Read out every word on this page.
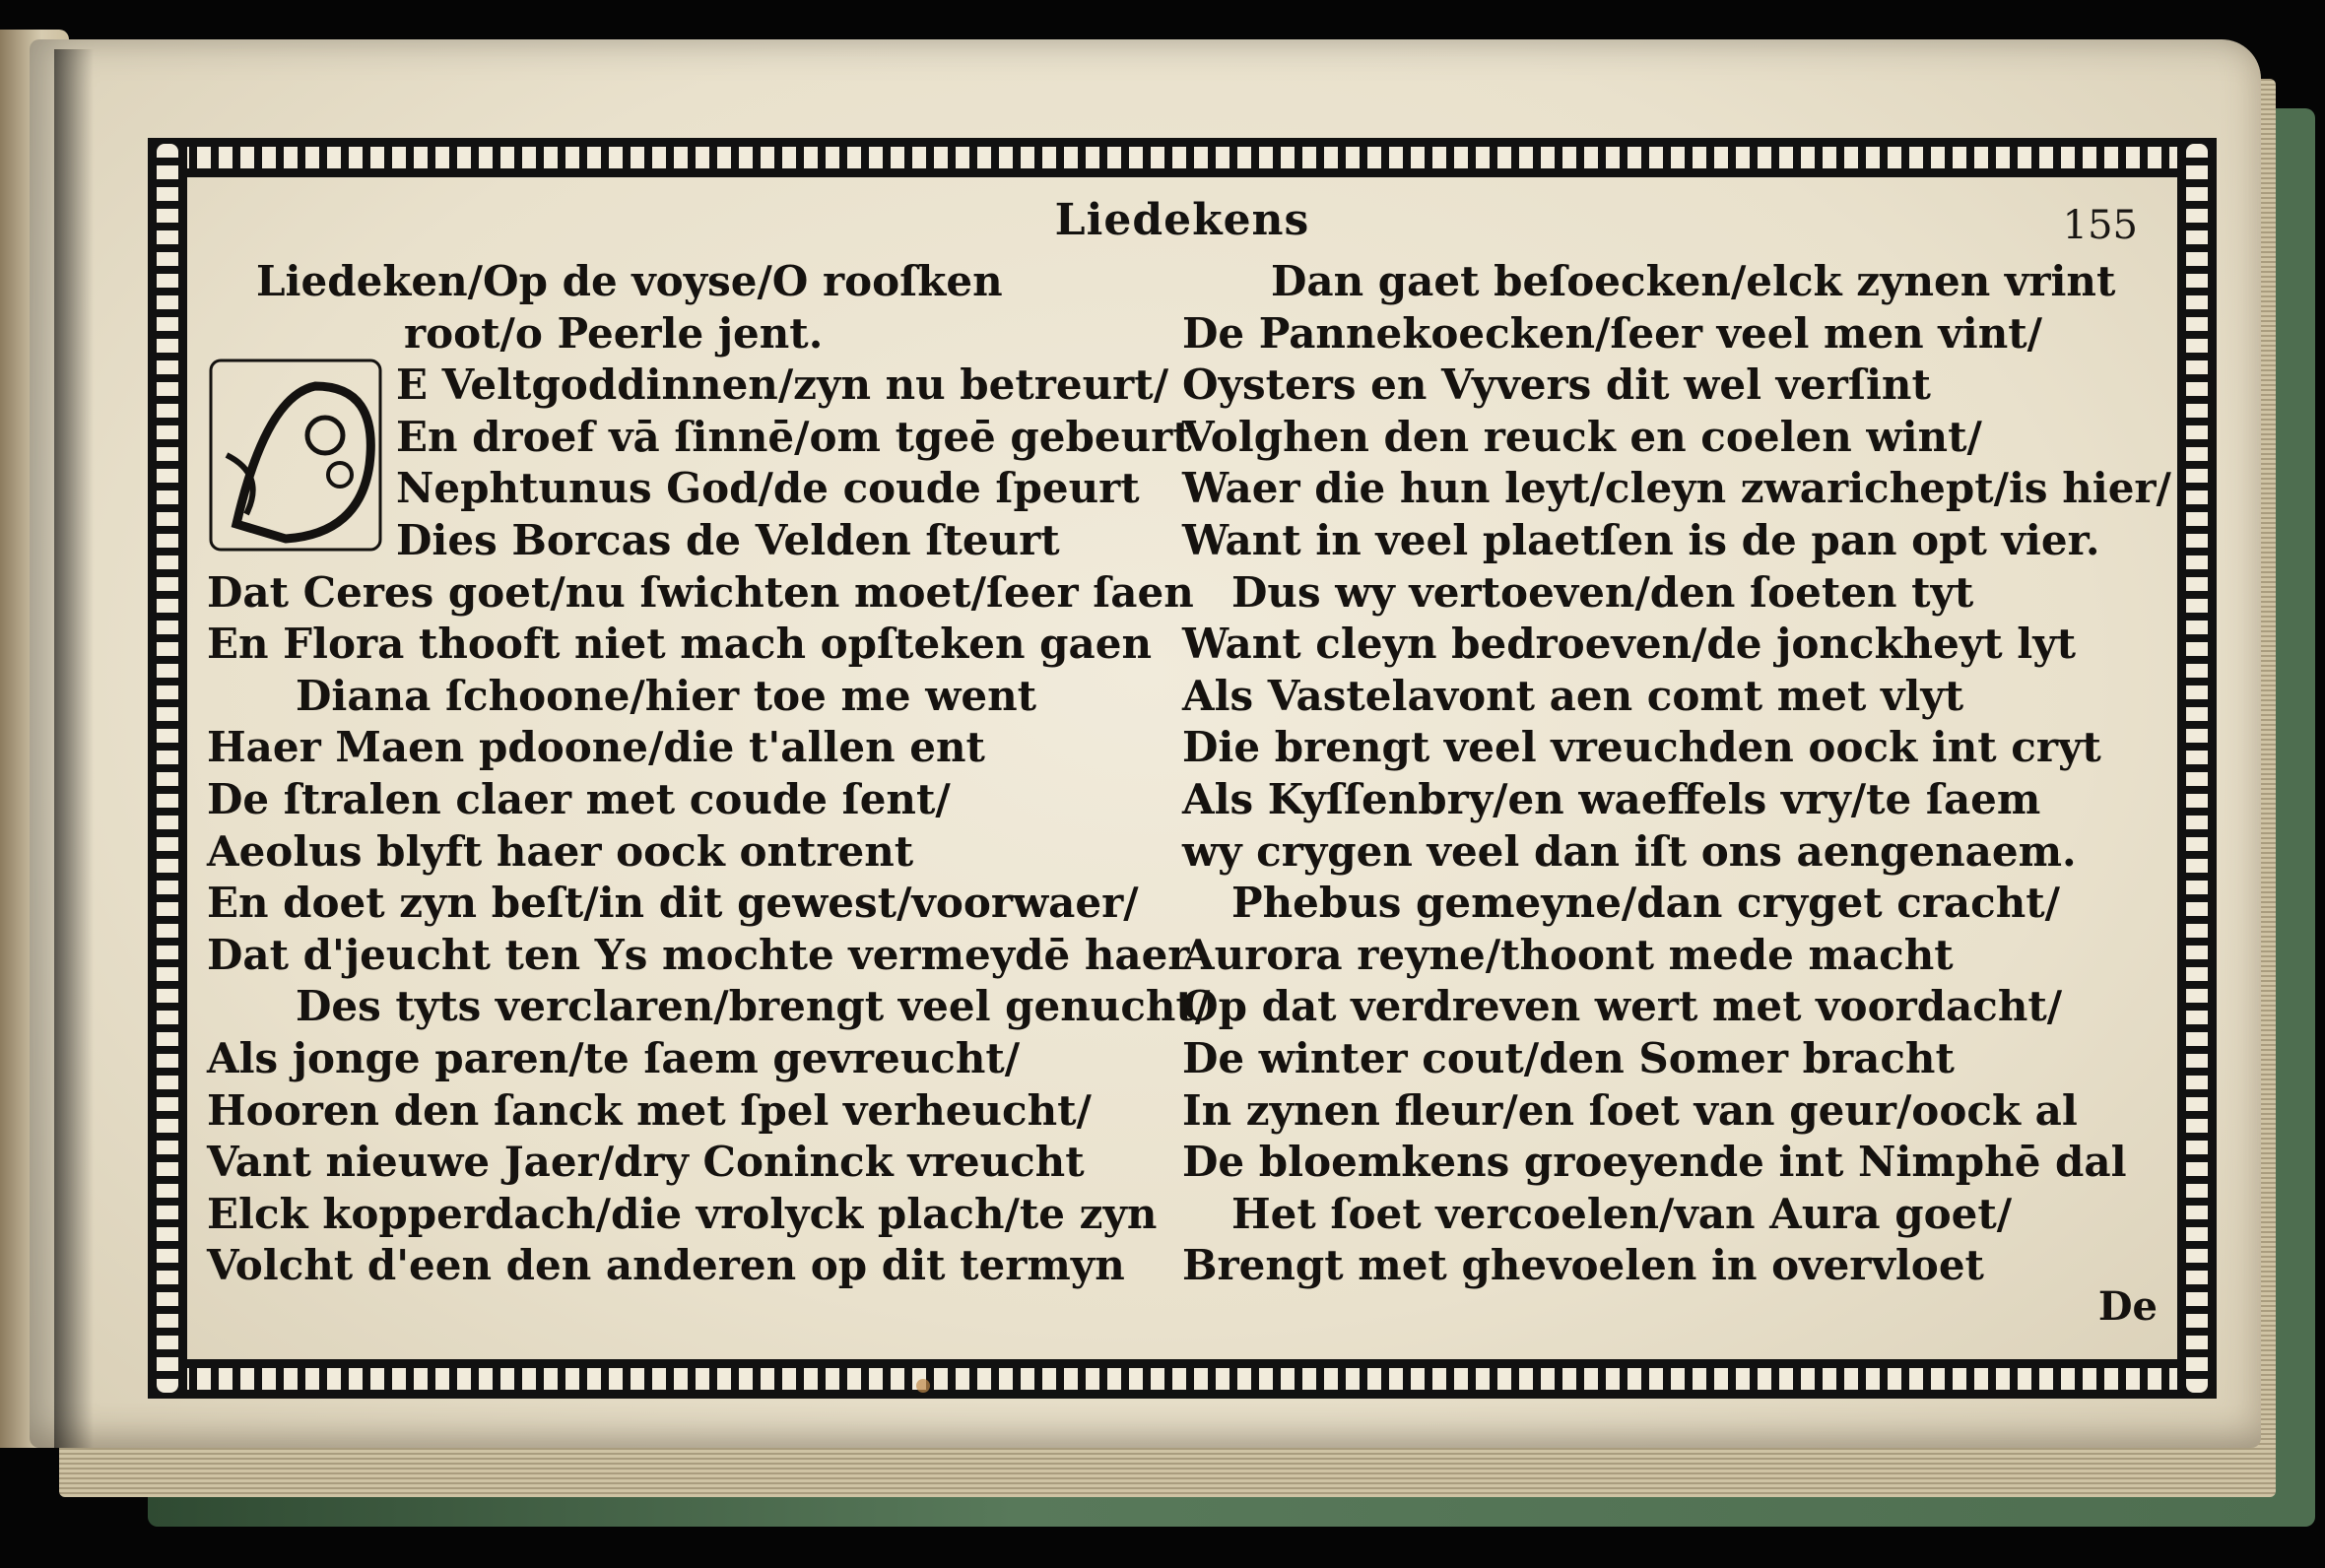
Liedekens	155
Liedeken/Op de voyse/O rooſken
root/o Peerle jent.
E Veltgoddinnen/zyn nu betreurt/
En droef vā ſinnē/om tgeē gebeurt
Nephtunus God/de coude ſpeurt
Dies Borcas de Velden ſteurt
Dat Ceres goet/nu ſwichten moet/ſeer ſaen
En Flora thooft niet mach opſteken gaen
Diana ſchoone/hier toe me went
Haer Maen pdoone/die t'allen ent
De ſtralen claer met coude ſent/
Aeolus blyft haer oock ontrent
En doet zyn beſt/in dit gewest/voorwaer/
Dat d'jeucht ten Ys mochte vermeydē haer
Des tyts verclaren/brengt veel genucht/
Als jonge paren/te ſaem gevreucht/
Hooren den ſanck met ſpel verheucht/
Vant nieuwe Jaer/dry Coninck vreucht
Elck kopperdach/die vrolyck plach/te zyn
Volcht d'een den anderen op dit termyn
Dan gaet beſoecken/elck zynen vrint
De Pannekoecken/ſeer veel men vint/
Oysters en Vyvers dit wel verſint
Volghen den reuck en coelen wint/
Waer die hun leyt/cleyn zwarichept/is hier/
Want in veel plaetſen is de pan opt vier.
Dus wy vertoeven/den ſoeten tyt
Want cleyn bedroeven/de jonckheyt lyt
Als Vastelavont aen comt met vlyt
Die brengt veel vreuchden oock int cryt
Als Kyſſenbry/en waeffels vry/te ſaem
wy crygen veel dan iſt ons aengenaem.
Phebus gemeyne/dan cryget cracht/
Aurora reyne/thoont mede macht
Op dat verdreven wert met voordacht/
De winter cout/den Somer bracht
In zynen fleur/en ſoet van geur/oock al
De bloemkens groeyende int Nimphē dal
Het ſoet vercoelen/van Aura goet/
Brengt met ghevoelen in overvloet
De
